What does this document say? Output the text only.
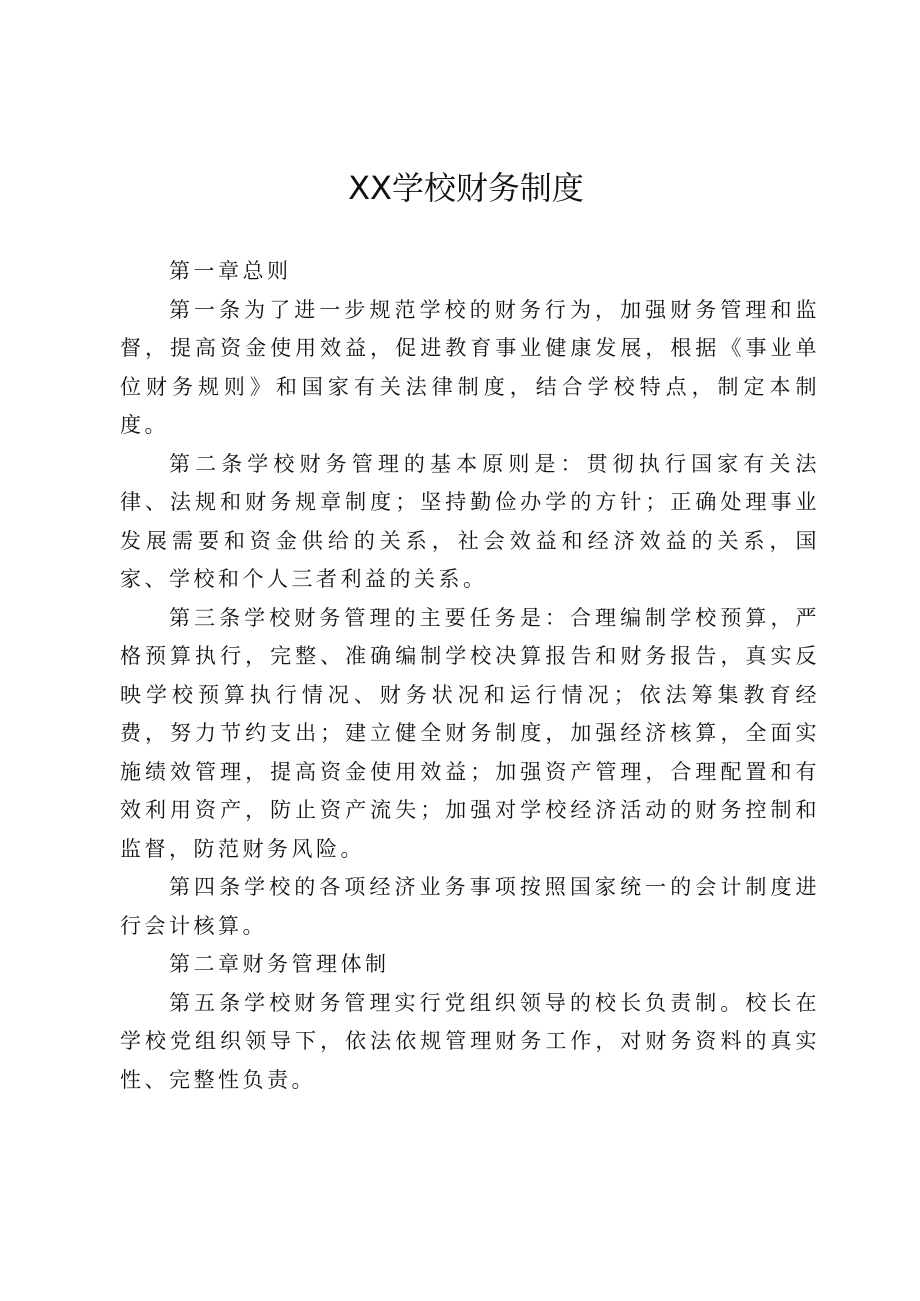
XX学校财务制度

第一章总则

第一条为了进一步规范学校的财务行为，加强财务管理和监督，提高资金使用效益，促进教育事业健康发展，根据《事业单位财务规则》和国家有关法律制度，结合学校特点，制定本制度。

第二条学校财务管理的基本原则是：贯彻执行国家有关法律、法规和财务规章制度；坚持勤俭办学的方针；正确处理事业发展需要和资金供给的关系，社会效益和经济效益的关系，国家、学校和个人三者利益的关系。

第三条学校财务管理的主要任务是：合理编制学校预算，严格预算执行，完整、准确编制学校决算报告和财务报告，真实反映学校预算执行情况、财务状况和运行情况；依法筹集教育经费，努力节约支出；建立健全财务制度，加强经济核算，全面实施绩效管理，提高资金使用效益；加强资产管理，合理配置和有效利用资产，防止资产流失；加强对学校经济活动的财务控制和监督，防范财务风险。

第四条学校的各项经济业务事项按照国家统一的会计制度进行会计核算。

第二章财务管理体制

第五条学校财务管理实行党组织领导的校长负责制。校长在学校党组织领导下，依法依规管理财务工作，对财务资料的真实性、完整性负责。
